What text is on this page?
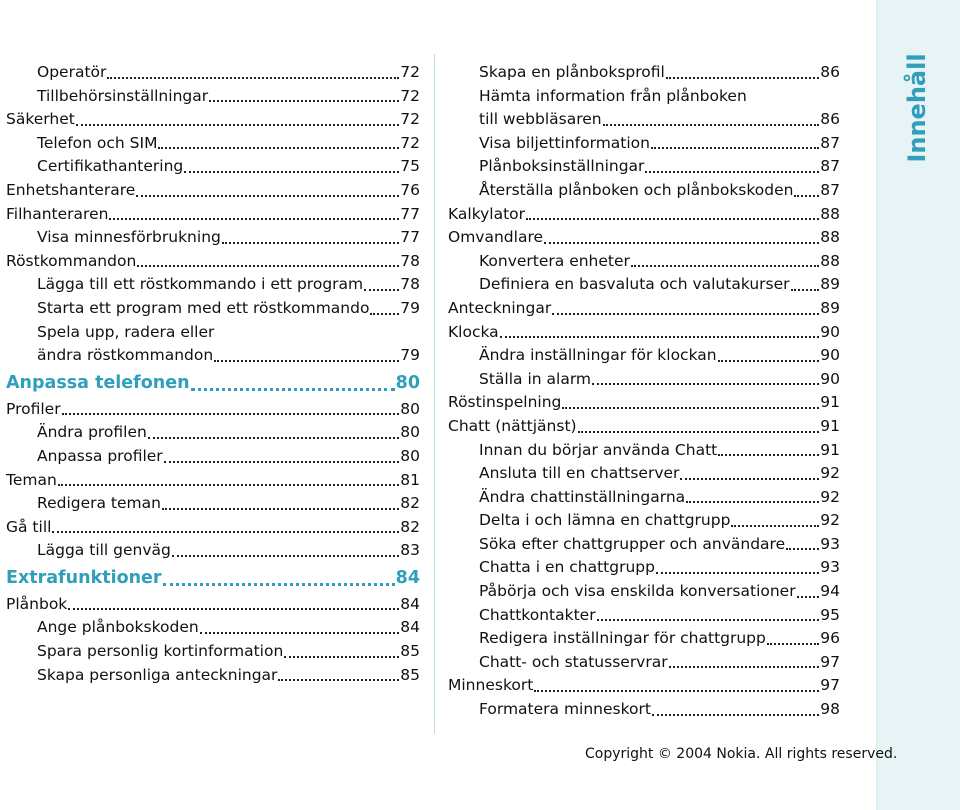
Innehåll
Operatör	72
Tillbehörsinställningar	72
Säkerhet	72
Telefon och SIM	72
Certifikathantering	75
Enhetshanterare	76
Filhanteraren	77
Visa minnesförbrukning	77
Röstkommandon	78
Lägga till ett röstkommando i ett program 78
Starta ett program med ett röstkommando 79
Spela upp, radera eller
ändra röstkommandon	79
Anpassa telefonen	80
Profiler	80
Ändra profilen	80
Anpassa profiler	80
Teman	81
Redigera teman	82
Gå till	82
Lägga till genväg	83
Extrafunktioner	84
Plånbok	84
Ange plånbokskoden	84
Spara personlig kortinformation	85
Skapa personliga anteckningar	85
Skapa en plånboksprofil	86
Hämta information från plånboken
till webbläsaren	86
Visa biljettinformation	87
Plånboksinställningar	87
Återställa plånboken och plånbokskoden 87
Kalkylator	88
Omvandlare	88
Konvertera enheter	88
Definiera en basvaluta och valutakurser 89
Anteckningar	89
Klocka	90
Ändra inställningar för klockan	90
Ställa in alarm	90
Röstinspelning	91
Chatt (nättjänst)	91
Innan du börjar använda Chatt	91
Ansluta till en chattserver	92
Ändra chattinställningarna	92
Delta i och lämna en chattgrupp	92
Söka efter chattgrupper och användare 93
Chatta i en chattgrupp	93
Påbörja och visa enskilda konversationer 94
Chattkontakter	95
Redigera inställningar för chattgrupp	96
Chatt- och statusservrar	97
Minneskort	97
Formatera minneskort	98
Copyright © 2004 Nokia. All rights reserved.
